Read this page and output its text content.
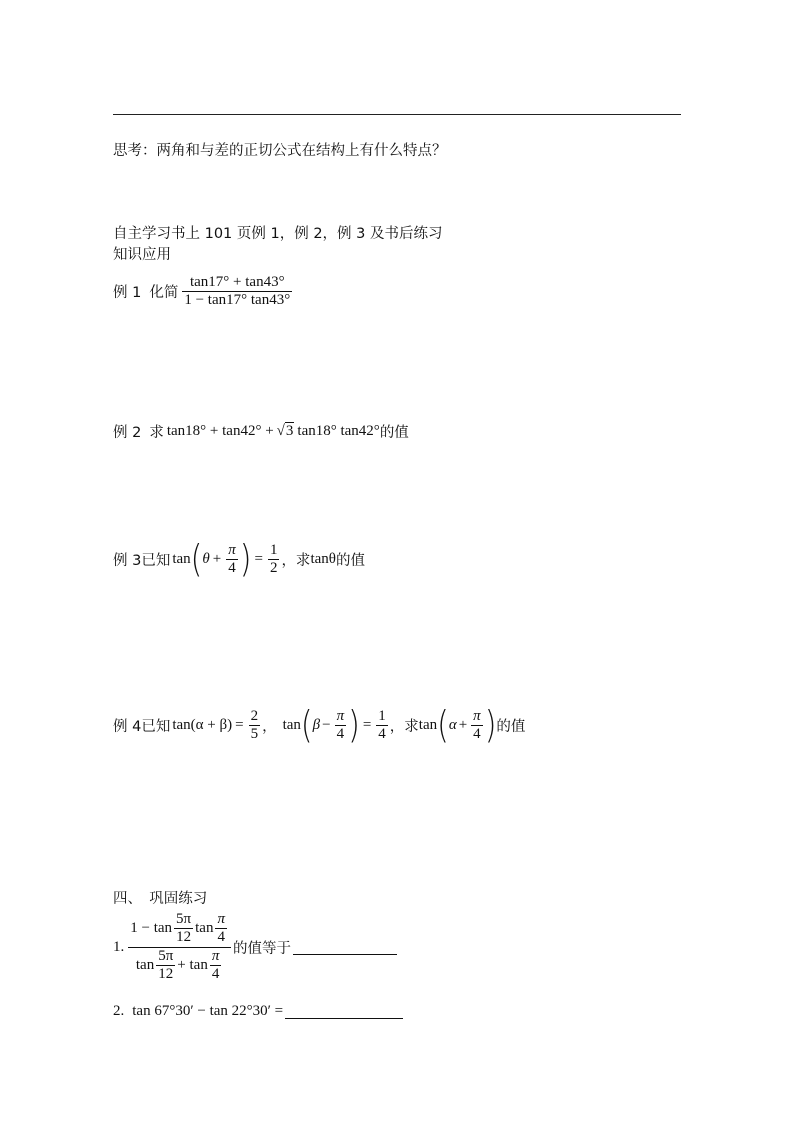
思考：两角和与差的正切公式在结构上有什么特点？
自主学习书上 101 页例 1，例 2，例 3 及书后练习
知识应用
例 1 化简 $\frac{\tan 17^\circ + \tan 43^\circ}{1 - \tan 17^\circ \tan 43^\circ}$
例 2 求 tan18° + tan42° + √3 tan18° tan42° 的值
例 3 已知 tan ( $\theta + \frac{\pi}{4}$ ) = $\frac{1}{2}$ ，求 tanθ 的值
例 4 已知 $\tan(\alpha + \beta) = \frac{2}{5}$ ， tan ( $\beta - \frac{\pi}{4}$ ) = $\frac{1}{4}$ ，求 tan ( $\alpha + \frac{\pi}{4}$ ) 的值
四、　巩固练习
1.
$1 - \tan \frac{5\pi}{12}$ $\tan \frac{\pi}{4}$
$\tan \frac{5\pi}{12} + \tan \frac{\pi}{4}$ 的值等于
2. tan 67°30′ − tan 22°30′ =
